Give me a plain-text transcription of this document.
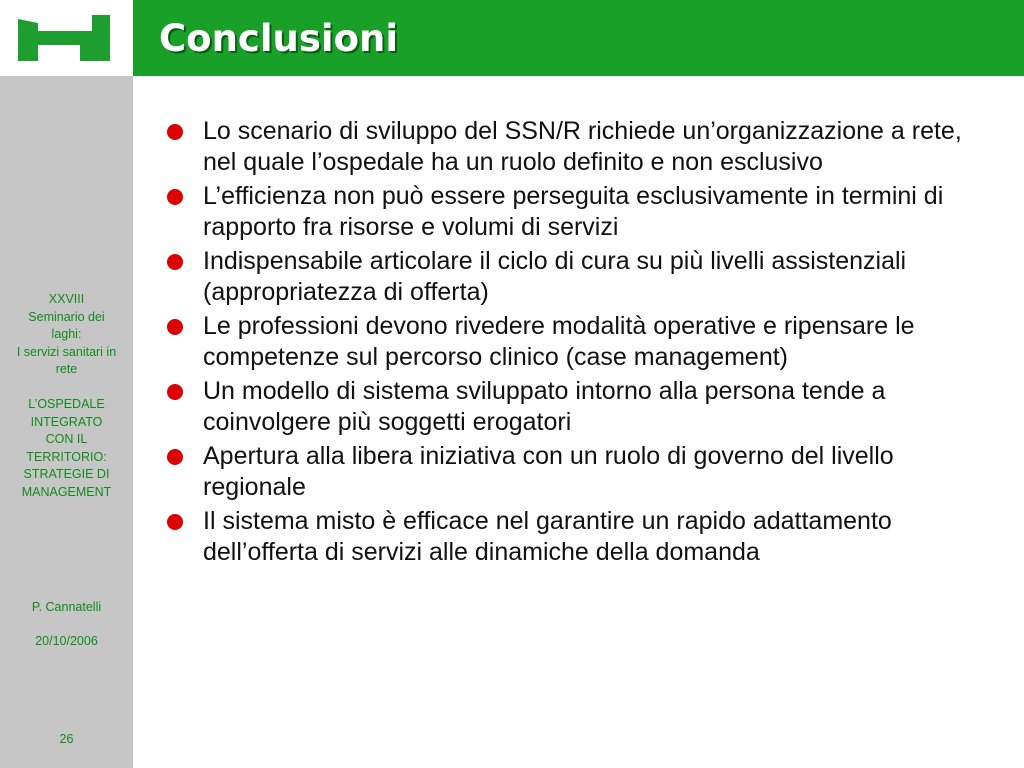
Conclusioni
XXVIII
Seminario dei
laghi:
I servizi sanitari in
rete
L’OSPEDALE
INTEGRATO
CON IL
TERRITORIO:
STRATEGIE DI
MANAGEMENT
P. Cannatelli
20/10/2006
26
Lo scenario di sviluppo del SSN/R richiede un’organizzazione a rete, nel quale l’ospedale ha un ruolo definito e non esclusivo
L’efficienza non può essere perseguita esclusivamente in termini di rapporto fra risorse e volumi di servizi
Indispensabile articolare il ciclo di cura su più livelli assistenziali (appropriatezza di offerta)
Le professioni devono rivedere modalità operative e ripensare le competenze sul percorso clinico (case management)
Un modello di sistema sviluppato intorno alla persona tende a coinvolgere più soggetti erogatori
Apertura alla libera iniziativa con un ruolo di governo del livello regionale
Il sistema misto è efficace nel garantire un rapido adattamento dell’offerta di servizi alle dinamiche della domanda
